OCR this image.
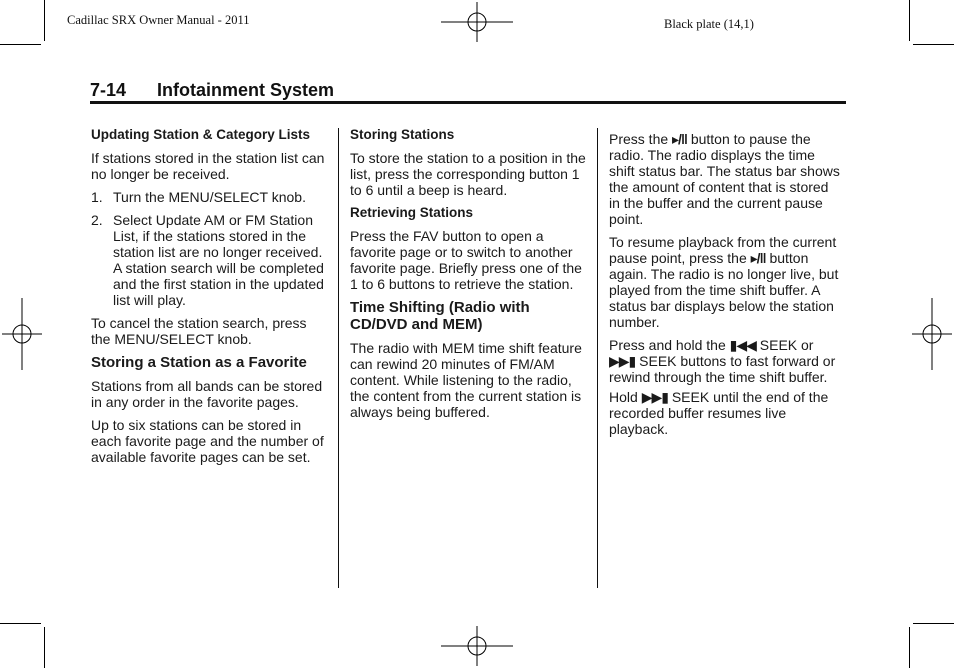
Cadillac SRX Owner Manual - 2011	Black plate (14,1)
7-14 Infotainment System
Updating Station & Category Lists

If stations stored in the station list can no longer be received.

1. Turn the MENU/SELECT knob.
2. Select Update AM or FM Station List, if the stations stored in the station list are no longer received. A station search will be completed and the first station in the updated list will play.

To cancel the station search, press the MENU/SELECT knob.

Storing a Station as a Favorite

Stations from all bands can be stored in any order in the favorite pages.

Up to six stations can be stored in each favorite page and the number of available favorite pages can be set.

Storing Stations

To store the station to a position in the list, press the corresponding button 1 to 6 until a beep is heard.

Retrieving Stations

Press the FAV button to open a favorite page or to switch to another favorite page. Briefly press one of the 1 to 6 buttons to retrieve the station.

Time Shifting (Radio with CD/DVD and MEM)

The radio with MEM time shift feature can rewind 20 minutes of FM/AM content. While listening to the radio, the content from the current station is always being buffered.

Press the ▸/‖ button to pause the radio. The radio displays the time shift status bar. The status bar shows the amount of content that is stored in the buffer and the current pause point.

To resume playback from the current pause point, press the ▸/‖ button again. The radio is no longer live, but played from the time shift buffer. A status bar displays below the station number.

Press and hold the ▮◀◀ SEEK or ▶▶▮ SEEK buttons to fast forward or rewind through the time shift buffer.

Hold ▶▶▮ SEEK until the end of the recorded buffer resumes live playback.
